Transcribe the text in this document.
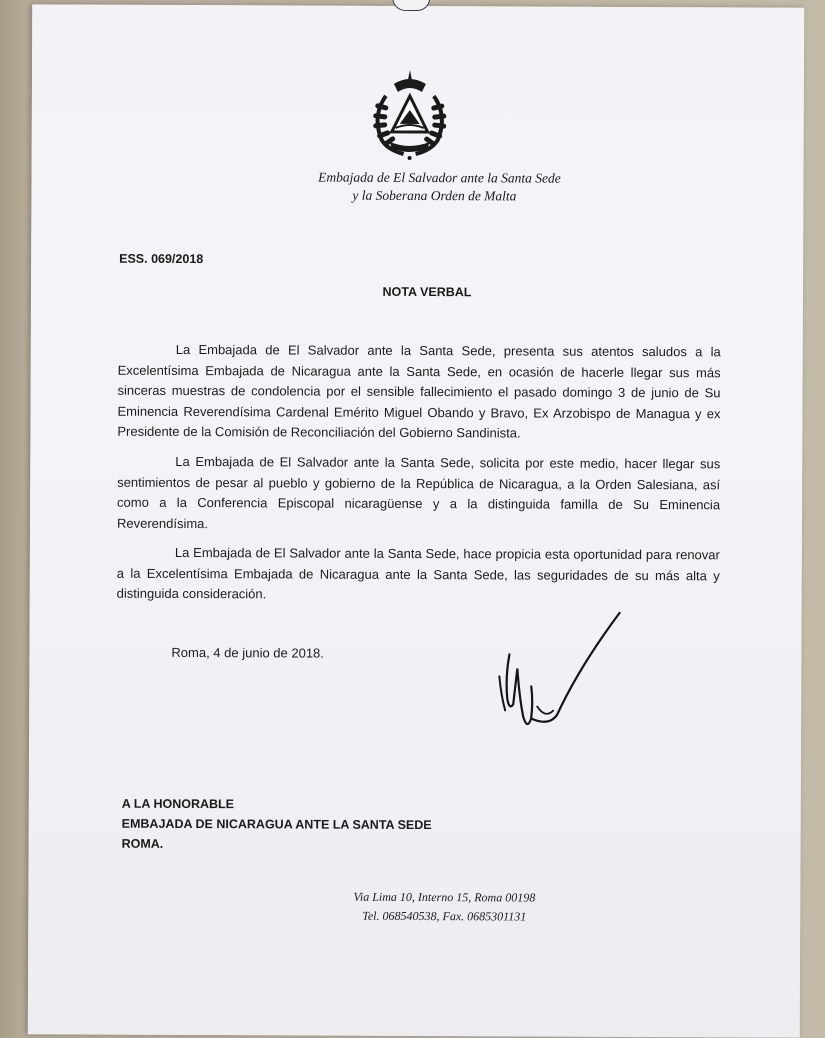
Embajada de El Salvador ante la Santa Sede
y la Soberana Orden de Malta
ESS. 069/2018
NOTA VERBAL
La Embajada de El Salvador ante la Santa Sede, presenta sus atentos saludos a la Excelentísima Embajada de Nicaragua ante la Santa Sede, en ocasión de hacerle llegar sus más sinceras muestras de condolencia por el sensible fallecimiento el pasado domingo 3 de junio de Su Eminencia Reverendísima Cardenal Emérito Miguel Obando y Bravo, Ex Arzobispo de Managua y ex Presidente de la Comisión de Reconciliación del Gobierno Sandinista.
La Embajada de El Salvador ante la Santa Sede, solicita por este medio, hacer llegar sus sentimientos de pesar al pueblo y gobierno de la República de Nicaragua, a la Orden Salesiana, así como a la Conferencia Episcopal nicaragüense y a la distinguida familla de Su Eminencia Reverendísima.
La Embajada de El Salvador ante la Santa Sede, hace propicia esta oportunidad para renovar a la Excelentísima Embajada de Nicaragua ante la Santa Sede, las seguridades de su más alta y distinguida consideración.
Roma, 4 de junio de 2018.
A LA HONORABLE
EMBAJADA DE NICARAGUA ANTE LA SANTA SEDE
ROMA.
Via Lima 10, Interno 15, Roma 00198
Tel. 068540538, Fax. 0685301131
